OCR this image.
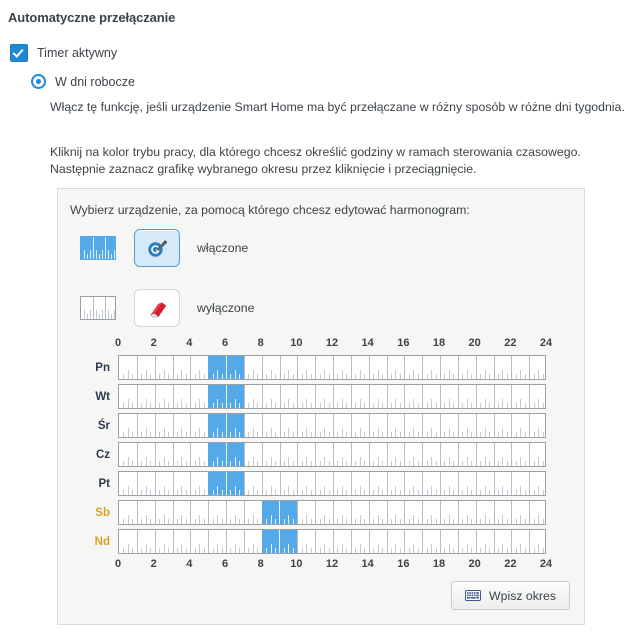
Automatyczne przełączanie
Timer aktywny
W dni robocze
Włącz tę funkcję, jeśli urządzenie Smart Home ma być przełączane w różny sposób w różne dni tygodnia.
Kliknij na kolor trybu pracy, dla którego chcesz określić godziny w ramach sterowania czasowego. Następnie zaznacz grafikę wybranego okresu przez kliknięcie i przeciągnięcie.
Wybierz urządzenie, za pomocą którego chcesz edytować harmonogram:
włączone
wyłączone
0	2	4	6	8 10 12 14 16 18 20 22 24
Pn
Wt
Śr
Cz
Pt
Sb
Nd
0	2	4	6	8 10 12 14 16 18 20 22 24
Wpisz okres
